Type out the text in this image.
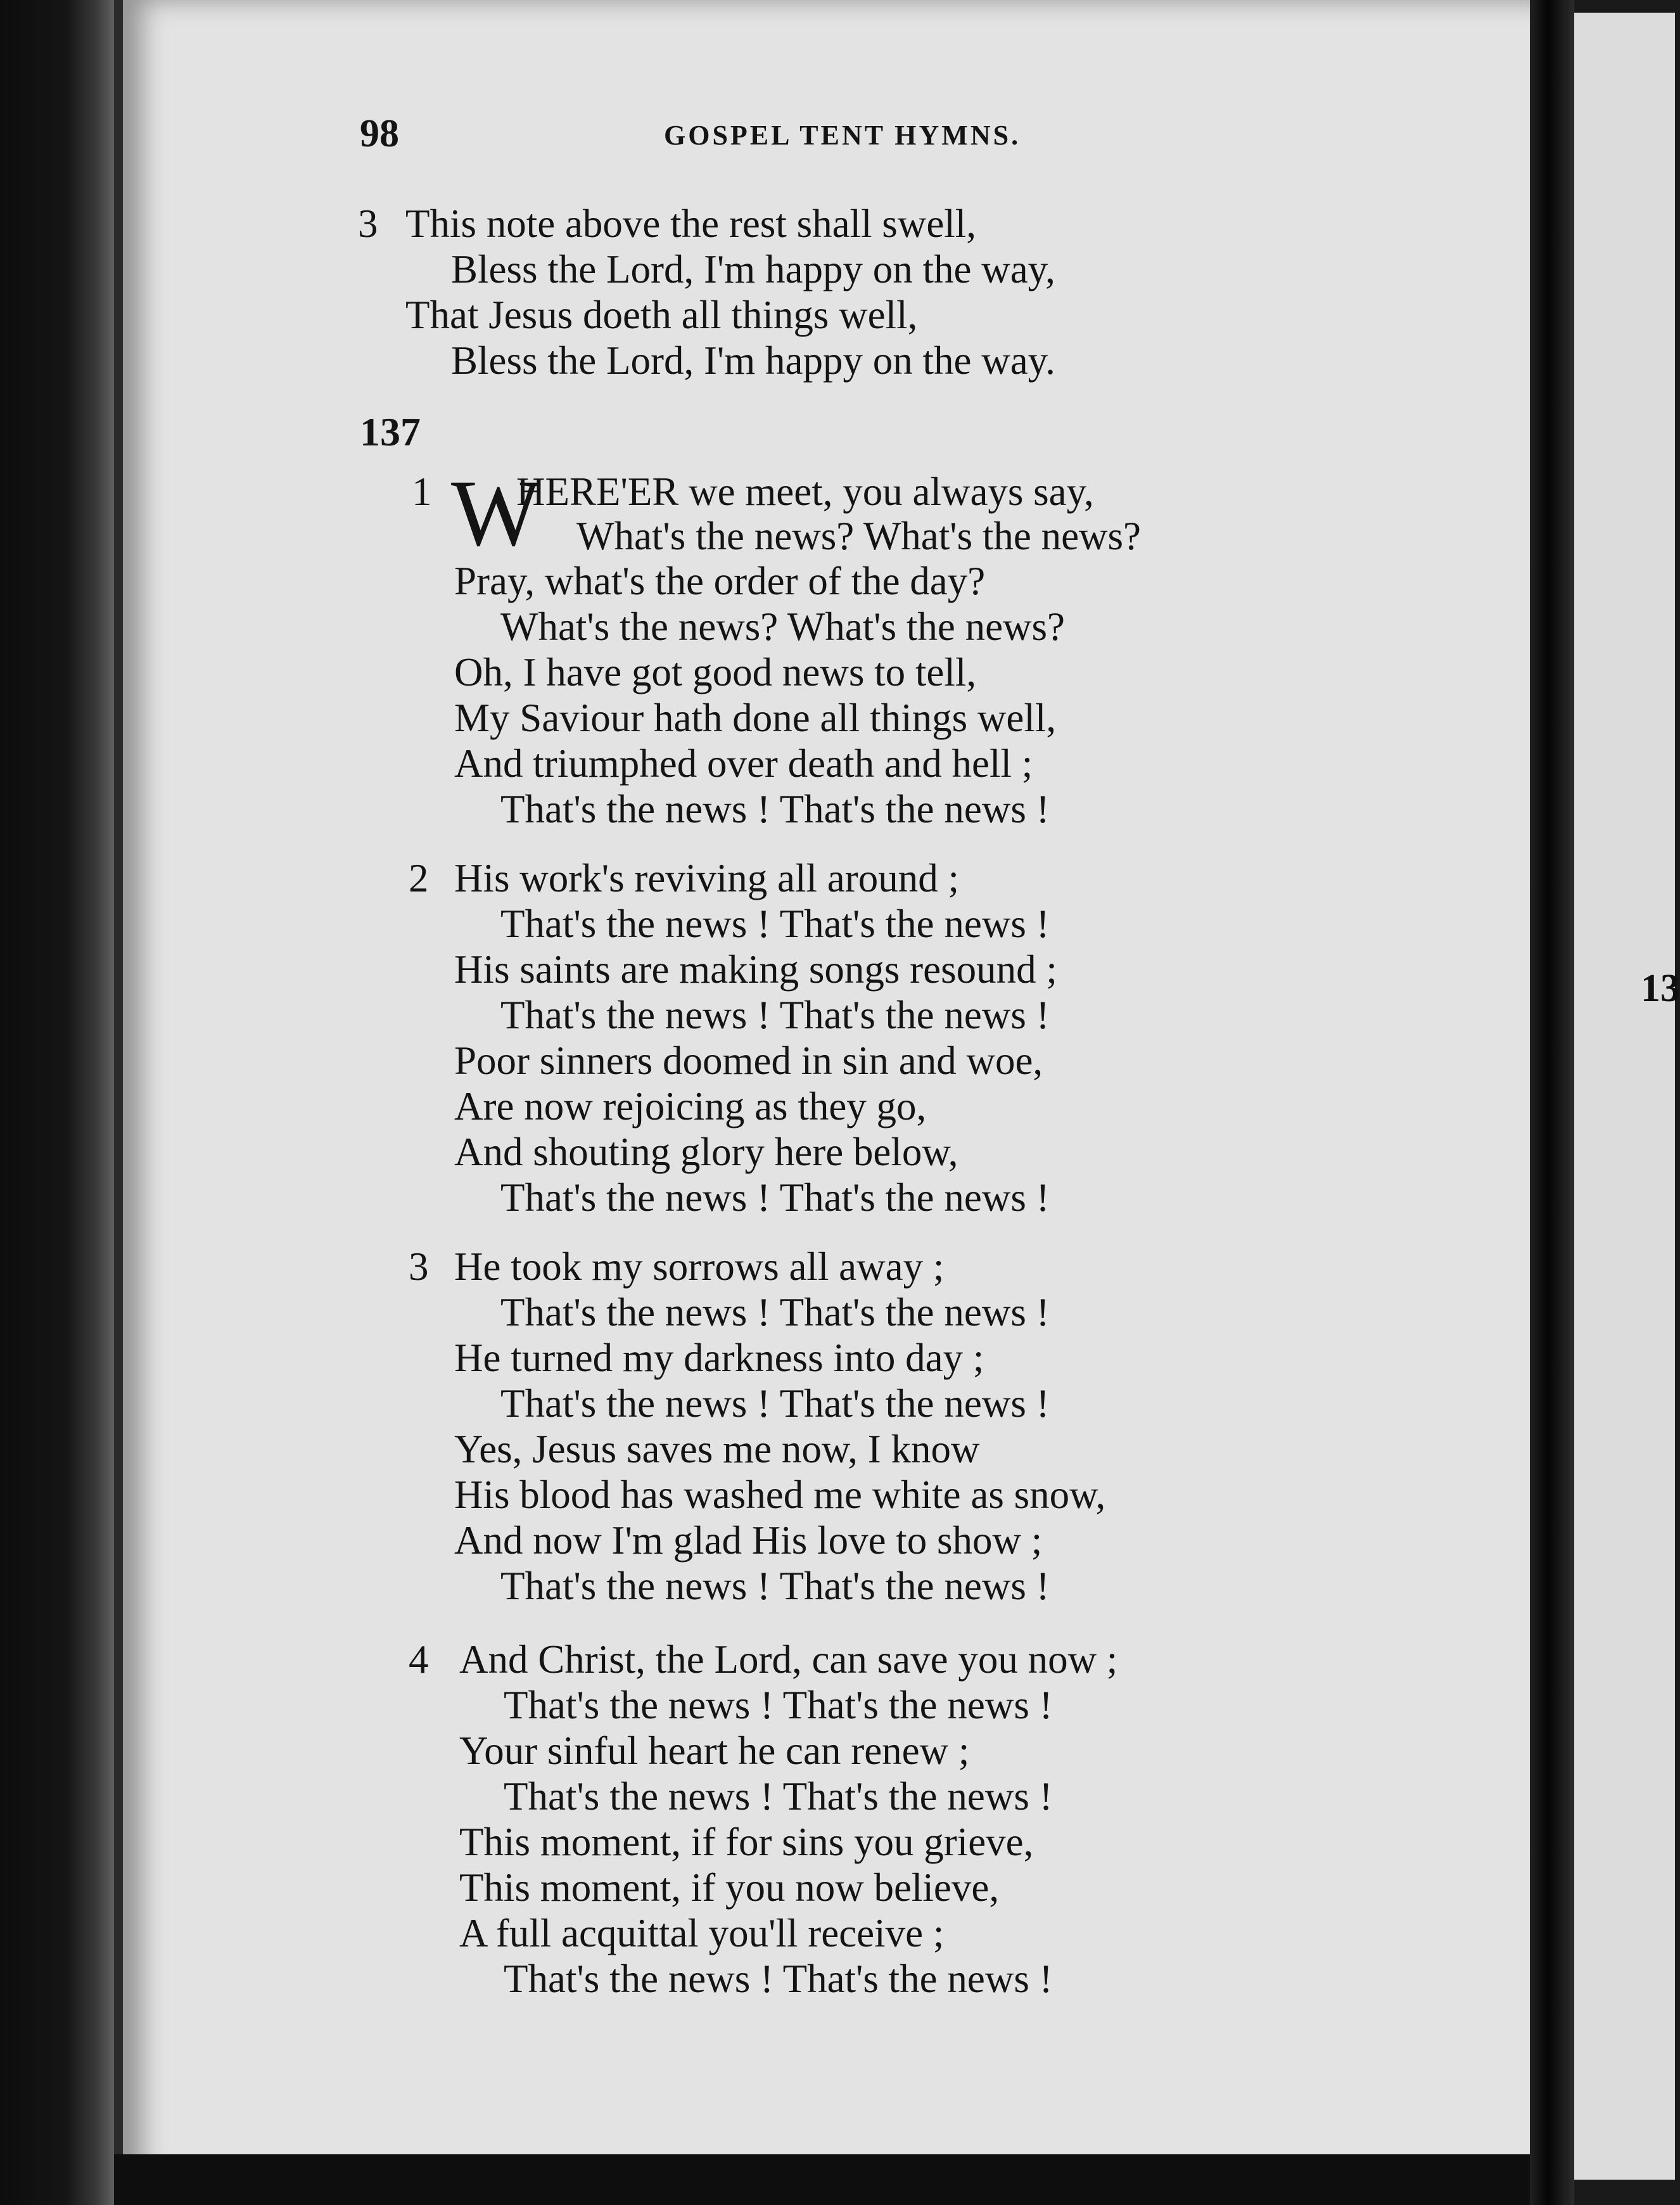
13
98	GOSPEL TENT HYMNS.
3 This note above the rest shall swell,
Bless the Lord, I'm happy on the way,
That Jesus doeth all things well,
Bless the Lord, I'm happy on the way.
137
1 W
HERE'ER we meet, you always say,
What's the news? What's the news?
Pray, what's the order of the day?
What's the news? What's the news?
Oh, I have got good news to tell,
My Saviour hath done all things well,
And triumphed over death and hell ;
That's the news ! That's the news !
2 His work's reviving all around ;
That's the news ! That's the news !
His saints are making songs resound ;
That's the news ! That's the news !
Poor sinners doomed in sin and woe,
Are now rejoicing as they go,
And shouting glory here below,
That's the news ! That's the news !
3 He took my sorrows all away ;
That's the news ! That's the news !
He turned my darkness into day ;
That's the news ! That's the news !
Yes, Jesus saves me now, I know
His blood has washed me white as snow,
And now I'm glad His love to show ;
That's the news ! That's the news !
4 And Christ, the Lord, can save you now ;
That's the news ! That's the news !
Your sinful heart he can renew ;
That's the news ! That's the news !
This moment, if for sins you grieve,
This moment, if you now believe,
A full acquittal you'll receive ;
That's the news ! That's the news !
